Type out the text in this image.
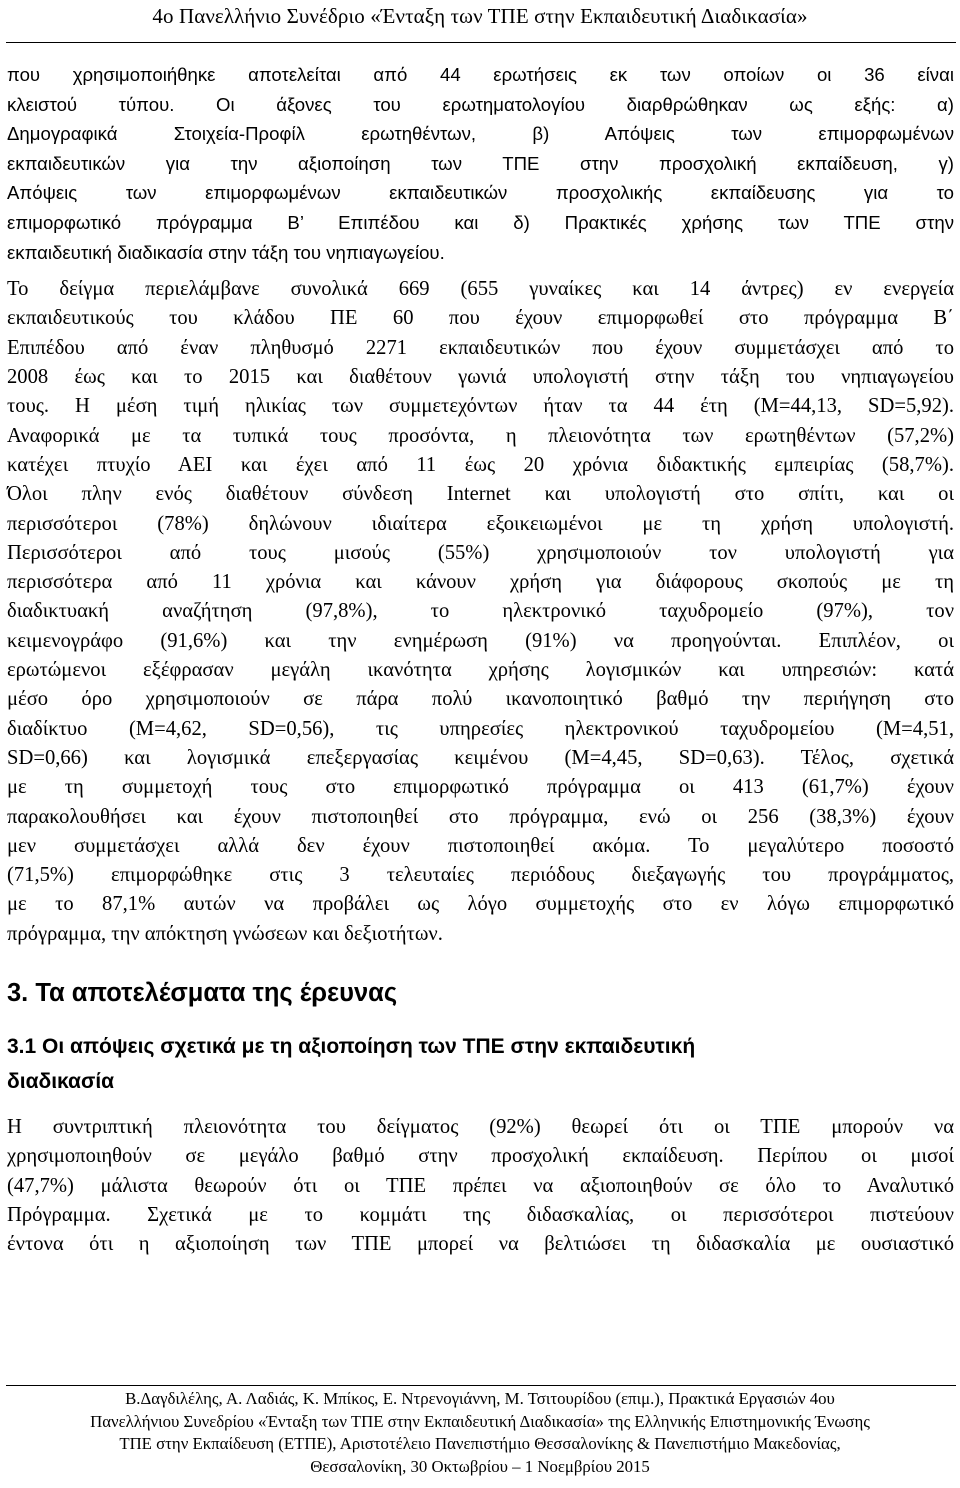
4ο Πανελλήνιο Συνέδριο «Ένταξη των ΤΠΕ στην Εκπαιδευτική Διαδικασία»
που χρησιμοποιήθηκε αποτελείται από 44 ερωτήσεις εκ των οποίων οι 36 είναι
κλειστού τύπου. Οι άξονες του ερωτηματολογίου διαρθρώθηκαν ως εξής: α)
Δημογραφικά Στοιχεία-Προφίλ ερωτηθέντων, β) Απόψεις των επιμορφωμένων
εκπαιδευτικών για την αξιοποίηση των ΤΠΕ στην προσχολική εκπαίδευση, γ)
Απόψεις των επιμορφωμένων εκπαιδευτικών προσχολικής εκπαίδευσης για το
επιμορφωτικό πρόγραμμα Β’ Επιπέδου και δ) Πρακτικές χρήσης των ΤΠΕ στην
εκπαιδευτική διαδικασία στην τάξη του νηπιαγωγείου.
Το δείγμα περιελάμβανε συνολικά 669 (655 γυναίκες και 14 άντρες) εν ενεργεία
εκπαιδευτικούς του κλάδου ΠΕ 60 που έχουν επιμορφωθεί στο πρόγραμμα Β΄
Επιπέδου από έναν πληθυσμό 2271 εκπαιδευτικών που έχουν συμμετάσχει από το
2008 έως και το 2015 και διαθέτουν γωνιά υπολογιστή στην τάξη του νηπιαγωγείου
τους. Η μέση τιμή ηλικίας των συμμετεχόντων ήταν τα 44 έτη (M=44,13, SD=5,92).
Αναφορικά με τα τυπικά τους προσόντα, η πλειονότητα των ερωτηθέντων (57,2%)
κατέχει πτυχίο ΑΕΙ και έχει από 11 έως 20 χρόνια διδακτικής εμπειρίας (58,7%).
Όλοι πλην ενός διαθέτουν σύνδεση Internet και υπολογιστή στο σπίτι, και οι
περισσότεροι (78%) δηλώνουν ιδιαίτερα εξοικειωμένοι με τη χρήση υπολογιστή.
Περισσότεροι από τους μισούς (55%) χρησιμοποιούν τον υπολογιστή για
περισσότερα από 11 χρόνια και κάνουν χρήση για διάφορους σκοπούς με τη
διαδικτυακή αναζήτηση (97,8%), το ηλεκτρονικό ταχυδρομείο (97%), τον
κειμενογράφο (91,6%) και την ενημέρωση (91%) να προηγούνται. Επιπλέον, οι
ερωτώμενοι εξέφρασαν μεγάλη ικανότητα χρήσης λογισμικών και υπηρεσιών: κατά
μέσο όρο χρησιμοποιούν σε πάρα πολύ ικανοποιητικό βαθμό την περιήγηση στο
διαδίκτυο (M=4,62, SD=0,56), τις υπηρεσίες ηλεκτρονικού ταχυδρομείου (M=4,51,
SD=0,66) και λογισμικά επεξεργασίας κειμένου (M=4,45, SD=0,63). Τέλος, σχετικά
με τη συμμετοχή τους στο επιμορφωτικό πρόγραμμα οι 413 (61,7%) έχουν
παρακολουθήσει και έχουν πιστοποιηθεί στο πρόγραμμα, ενώ οι 256 (38,3%) έχουν
μεν συμμετάσχει αλλά δεν έχουν πιστοποιηθεί ακόμα. Το μεγαλύτερο ποσοστό
(71,5%) επιμορφώθηκε στις 3 τελευταίες περιόδους διεξαγωγής του προγράμματος,
με το 87,1% αυτών να προβάλει ως λόγο συμμετοχής στο εν λόγω επιμορφωτικό
πρόγραμμα, την απόκτηση γνώσεων και δεξιοτήτων.
3. Τα αποτελέσματα της έρευνας
3.1 Οι απόψεις σχετικά με τη αξιοποίηση των ΤΠΕ στην εκπαιδευτική
διαδικασία
Η συντριπτική πλειονότητα του δείγματος (92%) θεωρεί ότι οι ΤΠΕ μπορούν να
χρησιμοποιηθούν σε μεγάλο βαθμό στην προσχολική εκπαίδευση. Περίπου οι μισοί
(47,7%) μάλιστα θεωρούν ότι οι ΤΠΕ πρέπει να αξιοποιηθούν σε όλο το Αναλυτικό
Πρόγραμμα. Σχετικά με το κομμάτι της διδασκαλίας, οι περισσότεροι πιστεύουν
έντονα ότι η αξιοποίηση των ΤΠΕ μπορεί να βελτιώσει τη διδασκαλία με ουσιαστικό
Β.Δαγδιλέλης, Α. Λαδιάς, Κ. Μπίκος, Ε. Ντρενογιάννη, Μ. Τσιτουρίδου (επιμ.), Πρακτικά Εργασιών 4ου
Πανελλήνιου Συνεδρίου «Ένταξη των ΤΠΕ στην Εκπαιδευτική Διαδικασία» της Ελληνικής Επιστημονικής Ένωσης
ΤΠΕ στην Εκπαίδευση (ΕΤΠΕ), Αριστοτέλειο Πανεπιστήμιο Θεσσαλονίκης & Πανεπιστήμιο Μακεδονίας,
Θεσσαλονίκη, 30 Οκτωβρίου – 1 Νοεμβρίου 2015
